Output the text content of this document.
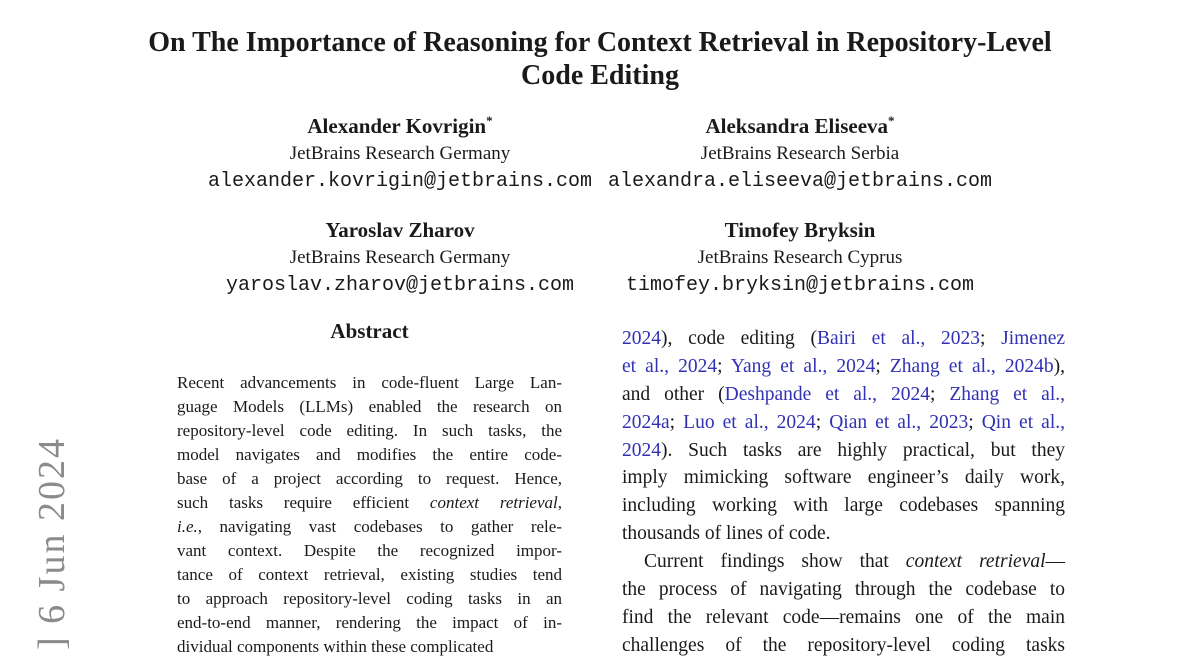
] 6 Jun 2024
On The Importance of Reasoning for Context Retrieval in Repository-Level
Code Editing
Alexander Kovrigin*
JetBrains Research Germany
alexander.kovrigin@jetbrains.com
Aleksandra Eliseeva*
JetBrains Research Serbia
alexandra.eliseeva@jetbrains.com
Yaroslav Zharov
JetBrains Research Germany
yaroslav.zharov@jetbrains.com
Timofey Bryksin
JetBrains Research Cyprus
timofey.bryksin@jetbrains.com
Abstract
Recent advancements in code-fluent Large Lan-
guage Models (LLMs) enabled the research on
repository-level code editing. In such tasks, the
model navigates and modifies the entire code-
base of a project according to request. Hence,
such tasks require efficient context retrieval,
i.e., navigating vast codebases to gather rele-
vant context. Despite the recognized impor-
tance of context retrieval, existing studies tend
to approach repository-level coding tasks in an
end-to-end manner, rendering the impact of in-
dividual components within these complicated
2024), code editing (Bairi et al., 2023; Jimenez
et al., 2024; Yang et al., 2024; Zhang et al., 2024b),
and other (Deshpande et al., 2024; Zhang et al.,
2024a; Luo et al., 2024; Qian et al., 2023; Qin et al.,
2024). Such tasks are highly practical, but they
imply mimicking software engineer’s daily work,
including working with large codebases spanning
thousands of lines of code.
Current findings show that context retrieval—
the process of navigating through the codebase to
find the relevant code—remains one of the main
challenges of the repository-level coding tasks
